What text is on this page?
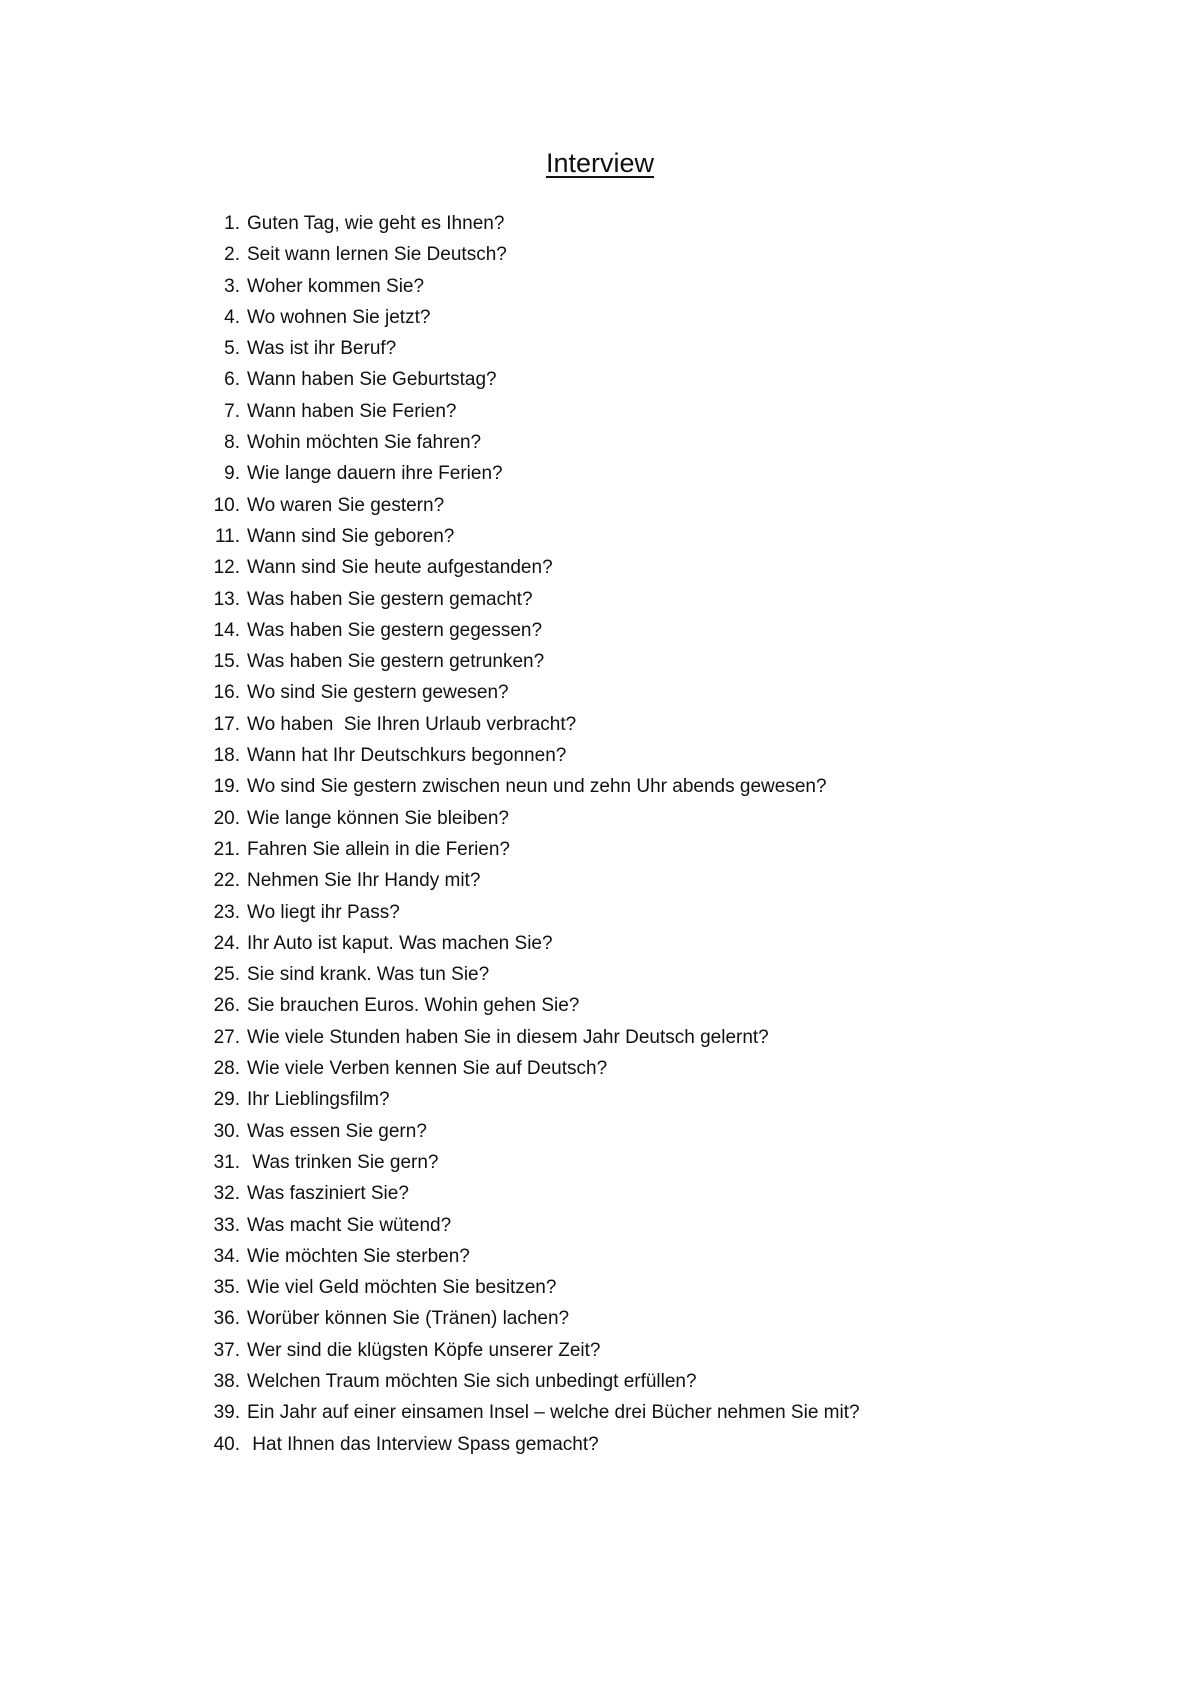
Interview
1. Guten Tag, wie geht es Ihnen?
2. Seit wann lernen Sie Deutsch?
3. Woher kommen Sie?
4. Wo wohnen Sie jetzt?
5. Was ist ihr Beruf?
6. Wann haben Sie Geburtstag?
7. Wann haben Sie Ferien?
8. Wohin möchten Sie fahren?
9. Wie lange dauern ihre Ferien?
10. Wo waren Sie gestern?
11. Wann sind Sie geboren?
12. Wann sind Sie heute aufgestanden?
13. Was haben Sie gestern gemacht?
14. Was haben Sie gestern gegessen?
15. Was haben Sie gestern getrunken?
16. Wo sind Sie gestern gewesen?
17. Wo haben  Sie Ihren Urlaub verbracht?
18. Wann hat Ihr Deutschkurs begonnen?
19. Wo sind Sie gestern zwischen neun und zehn Uhr abends gewesen?
20. Wie lange können Sie bleiben?
21. Fahren Sie allein in die Ferien?
22. Nehmen Sie Ihr Handy mit?
23. Wo liegt ihr Pass?
24. Ihr Auto ist kaput. Was machen Sie?
25. Sie sind krank. Was tun Sie?
26. Sie brauchen Euros. Wohin gehen Sie?
27. Wie viele Stunden haben Sie in diesem Jahr Deutsch gelernt?
28. Wie viele Verben kennen Sie auf Deutsch?
29. Ihr Lieblingsfilm?
30. Was essen Sie gern?
31. Was trinken Sie gern?
32. Was fasziniert Sie?
33. Was macht Sie wütend?
34. Wie möchten Sie sterben?
35. Wie viel Geld möchten Sie besitzen?
36. Worüber können Sie (Tränen) lachen?
37. Wer sind die klügsten Köpfe unserer Zeit?
38. Welchen Traum möchten Sie sich unbedingt erfüllen?
39. Ein Jahr auf einer einsamen Insel – welche drei Bücher nehmen Sie mit?
40. Hat Ihnen das Interview Spass gemacht?
